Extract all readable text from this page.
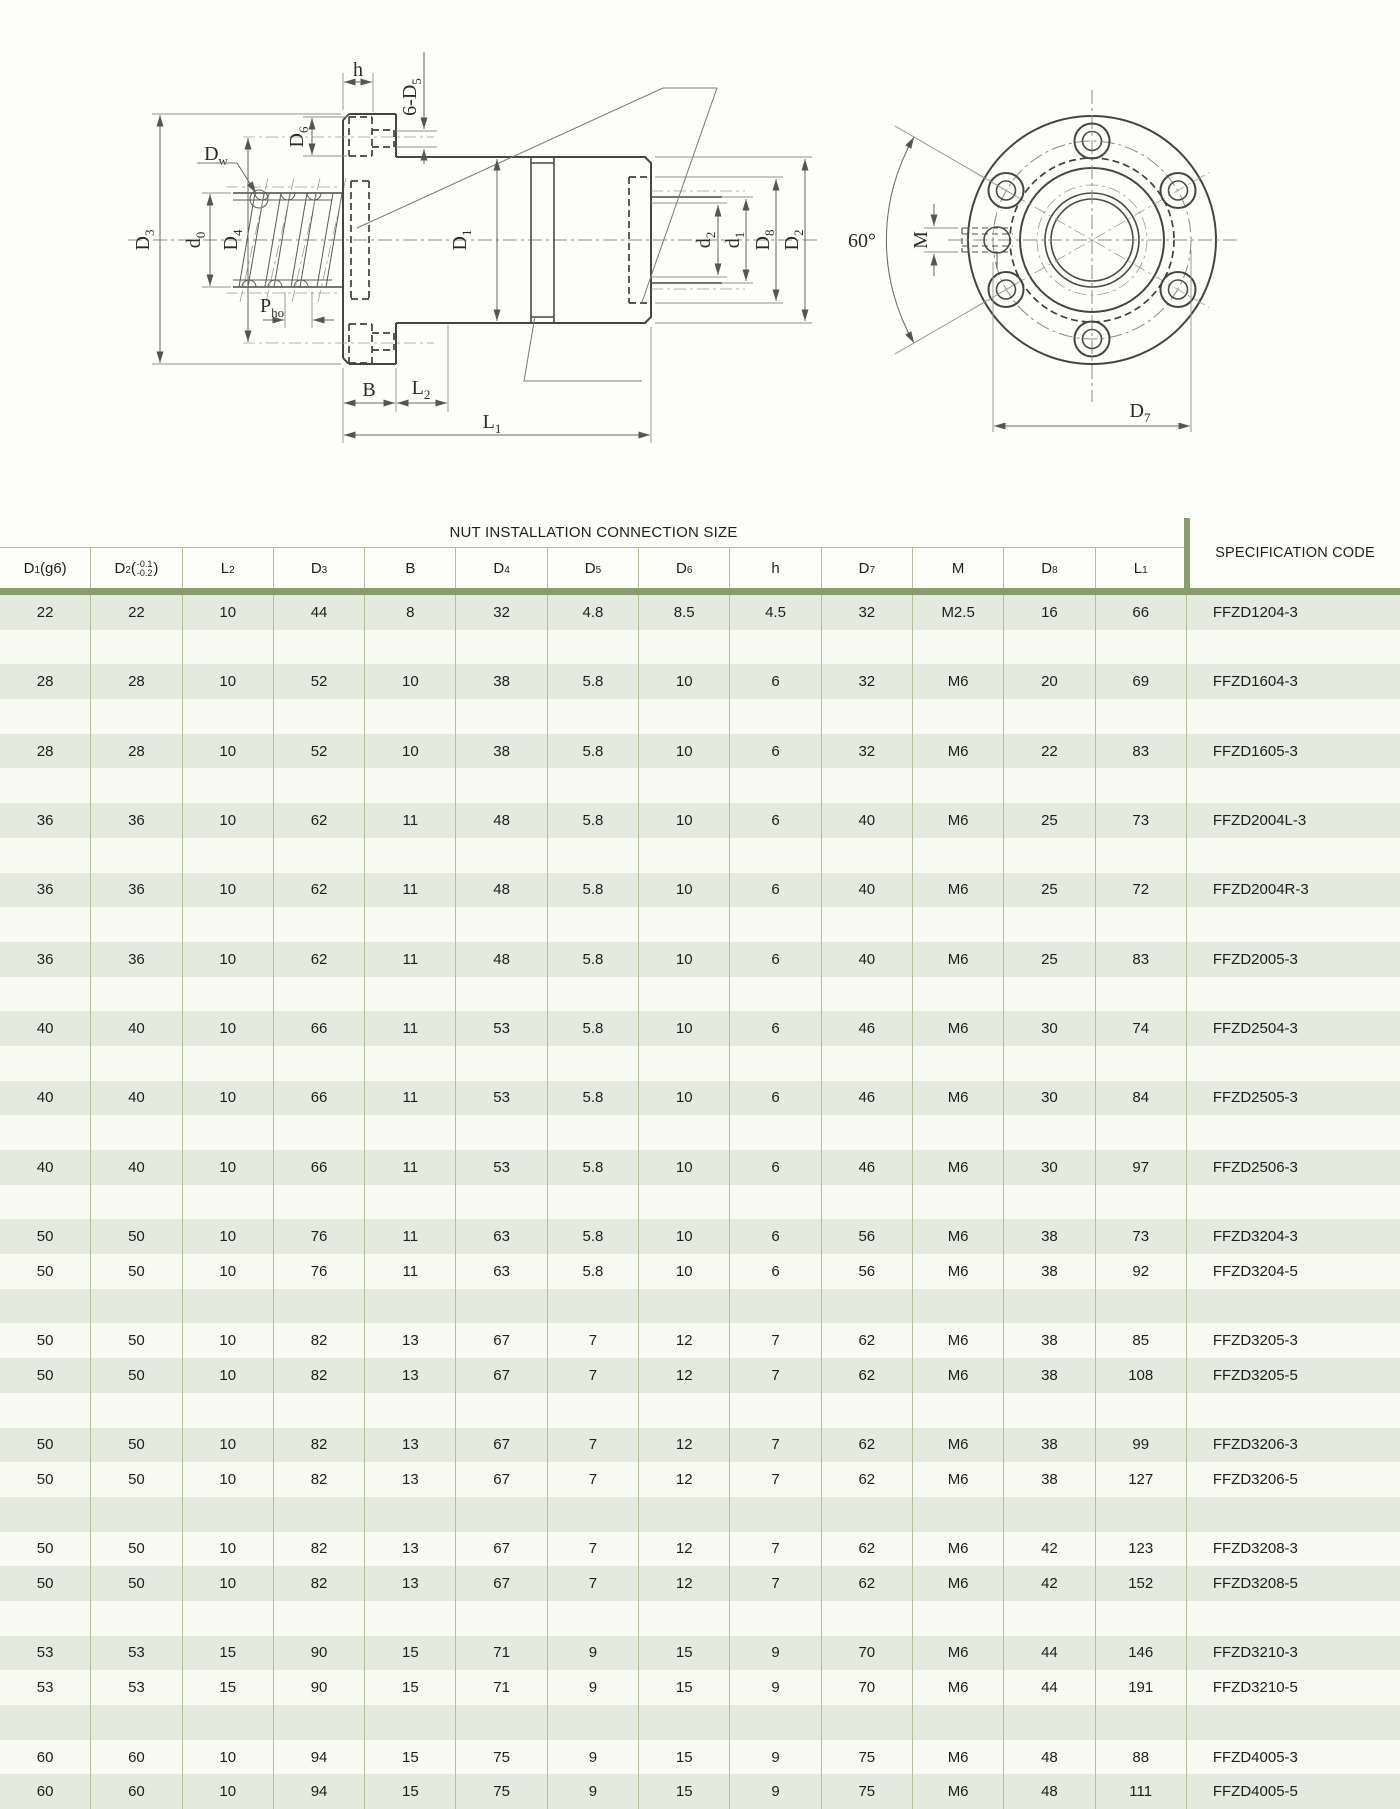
$D_3$
$D_4$
$d_0$
$D_1$
$D_w$
h
$6-D_5$
$D_6$
$P_{ho}$
$d_2$
$d_1$
$D_8$
$D_2$
B $L_2$
$L_1$
M
60°
$D_7$
NUT INSTALLATION CONNECTION SIZE
D 1 (g6)	D 2 ( -0.1
-0.2 )	L 2	D 3	B	D 4	D 5	D 6	h	D 7	M	D 8	L 1
SPECIFICATION CODE
22	22	10	44	8	32	4.8	8.5	4.5	32	M2.5	16	66	FFZD1204-3
28	28	10	52	10	38	5.8	10	6	32	M6	20	69	FFZD1604-3
28	28	10	52	10	38	5.8	10	6	32	M6	22	83	FFZD1605-3
36	36	10	62	11	48	5.8	10	6	40	M6	25	73	FFZD2004L-3
36	36	10	62	11	48	5.8	10	6	40	M6	25	72	FFZD2004R-3
36	36	10	62	11	48	5.8	10	6	40	M6	25	83	FFZD2005-3
40	40	10	66	11	53	5.8	10	6	46	M6	30	74	FFZD2504-3
40	40	10	66	11	53	5.8	10	6	46	M6	30	84	FFZD2505-3
40	40	10	66	11	53	5.8	10	6	46	M6	30	97	FFZD2506-3
50	50	10	76	11	63	5.8	10	6	56	M6	38	73	FFZD3204-3
50	50	10	76	11	63	5.8	10	6	56	M6	38	92	FFZD3204-5
50	50	10	82	13	67	7	12	7	62	M6	38	85	FFZD3205-3
50	50	10	82	13	67	7	12	7	62	M6	38	108	FFZD3205-5
50	50	10	82	13	67	7	12	7	62	M6	38	99	FFZD3206-3
50	50	10	82	13	67	7	12	7	62	M6	38	127	FFZD3206-5
50	50	10	82	13	67	7	12	7	62	M6	42	123	FFZD3208-3
50	50	10	82	13	67	7	12	7	62	M6	42	152	FFZD3208-5
53	53	15	90	15	71	9	15	9	70	M6	44	146	FFZD3210-3
53	53	15	90	15	71	9	15	9	70	M6	44	191	FFZD3210-5
60	60	10	94	15	75	9	15	9	75	M6	48	88	FFZD4005-3
60	60	10	94	15	75	9	15	9	75	M6	48	111	FFZD4005-5
